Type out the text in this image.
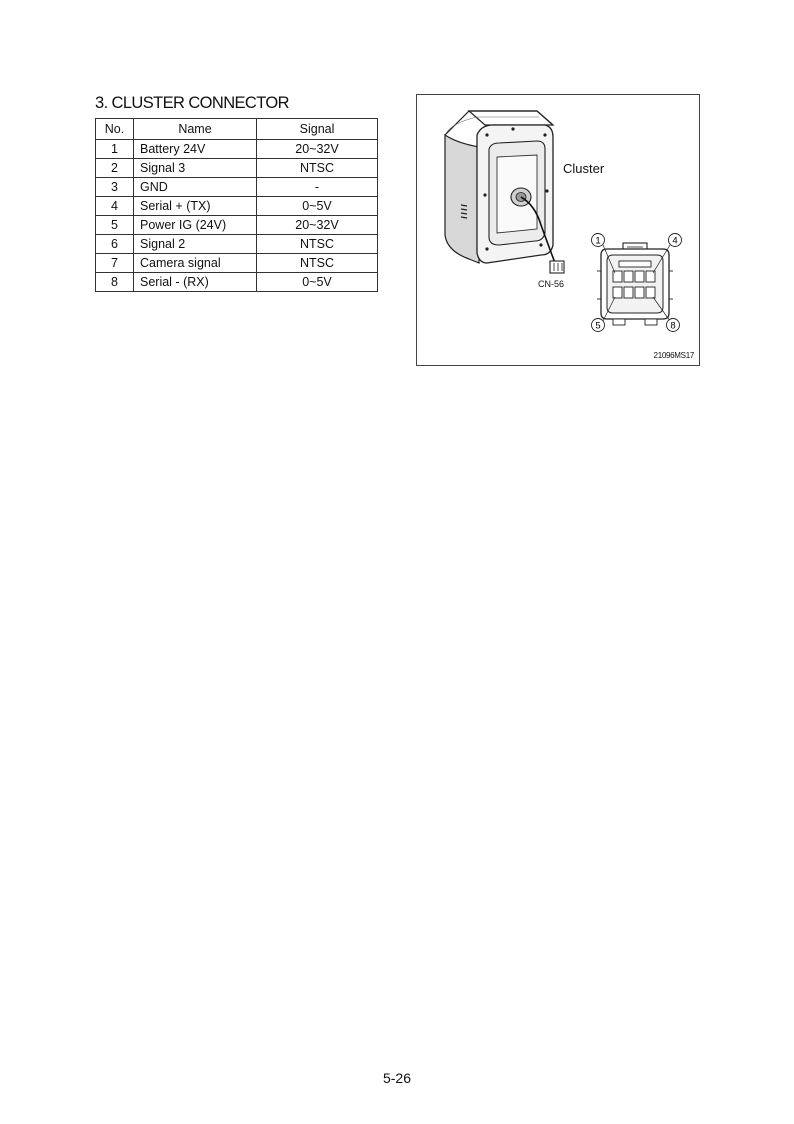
3. CLUSTER CONNECTOR
No.	Name	Signal
1	Battery 24V	20~32V
2	Signal 3	NTSC
3	GND	-
4	Serial + (TX)	0~5V
5	Power IG (24V)	20~32V
6	Signal 2	NTSC
7	Camera signal	NTSC
8	Serial - (RX)	0~5V
1	4
5	8
Cluster
CN-56
21096MS17
5-26
